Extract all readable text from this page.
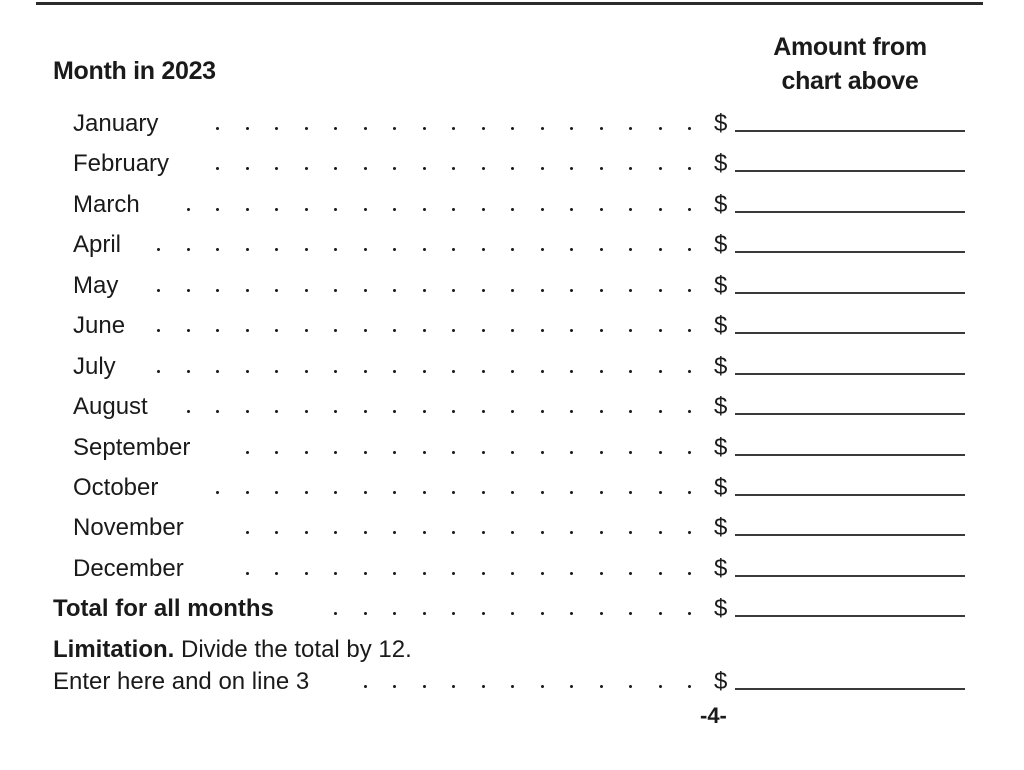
Month in 2023
Amount from
chart above
January	$
February	$
March	$
April	$
May	$
June	$
July	$
August	$
September	$
October	$
November	$
December	$
Total for all months	$
Enter here and on line 3	$
Limitation. Divide the total by 12.
-4-
